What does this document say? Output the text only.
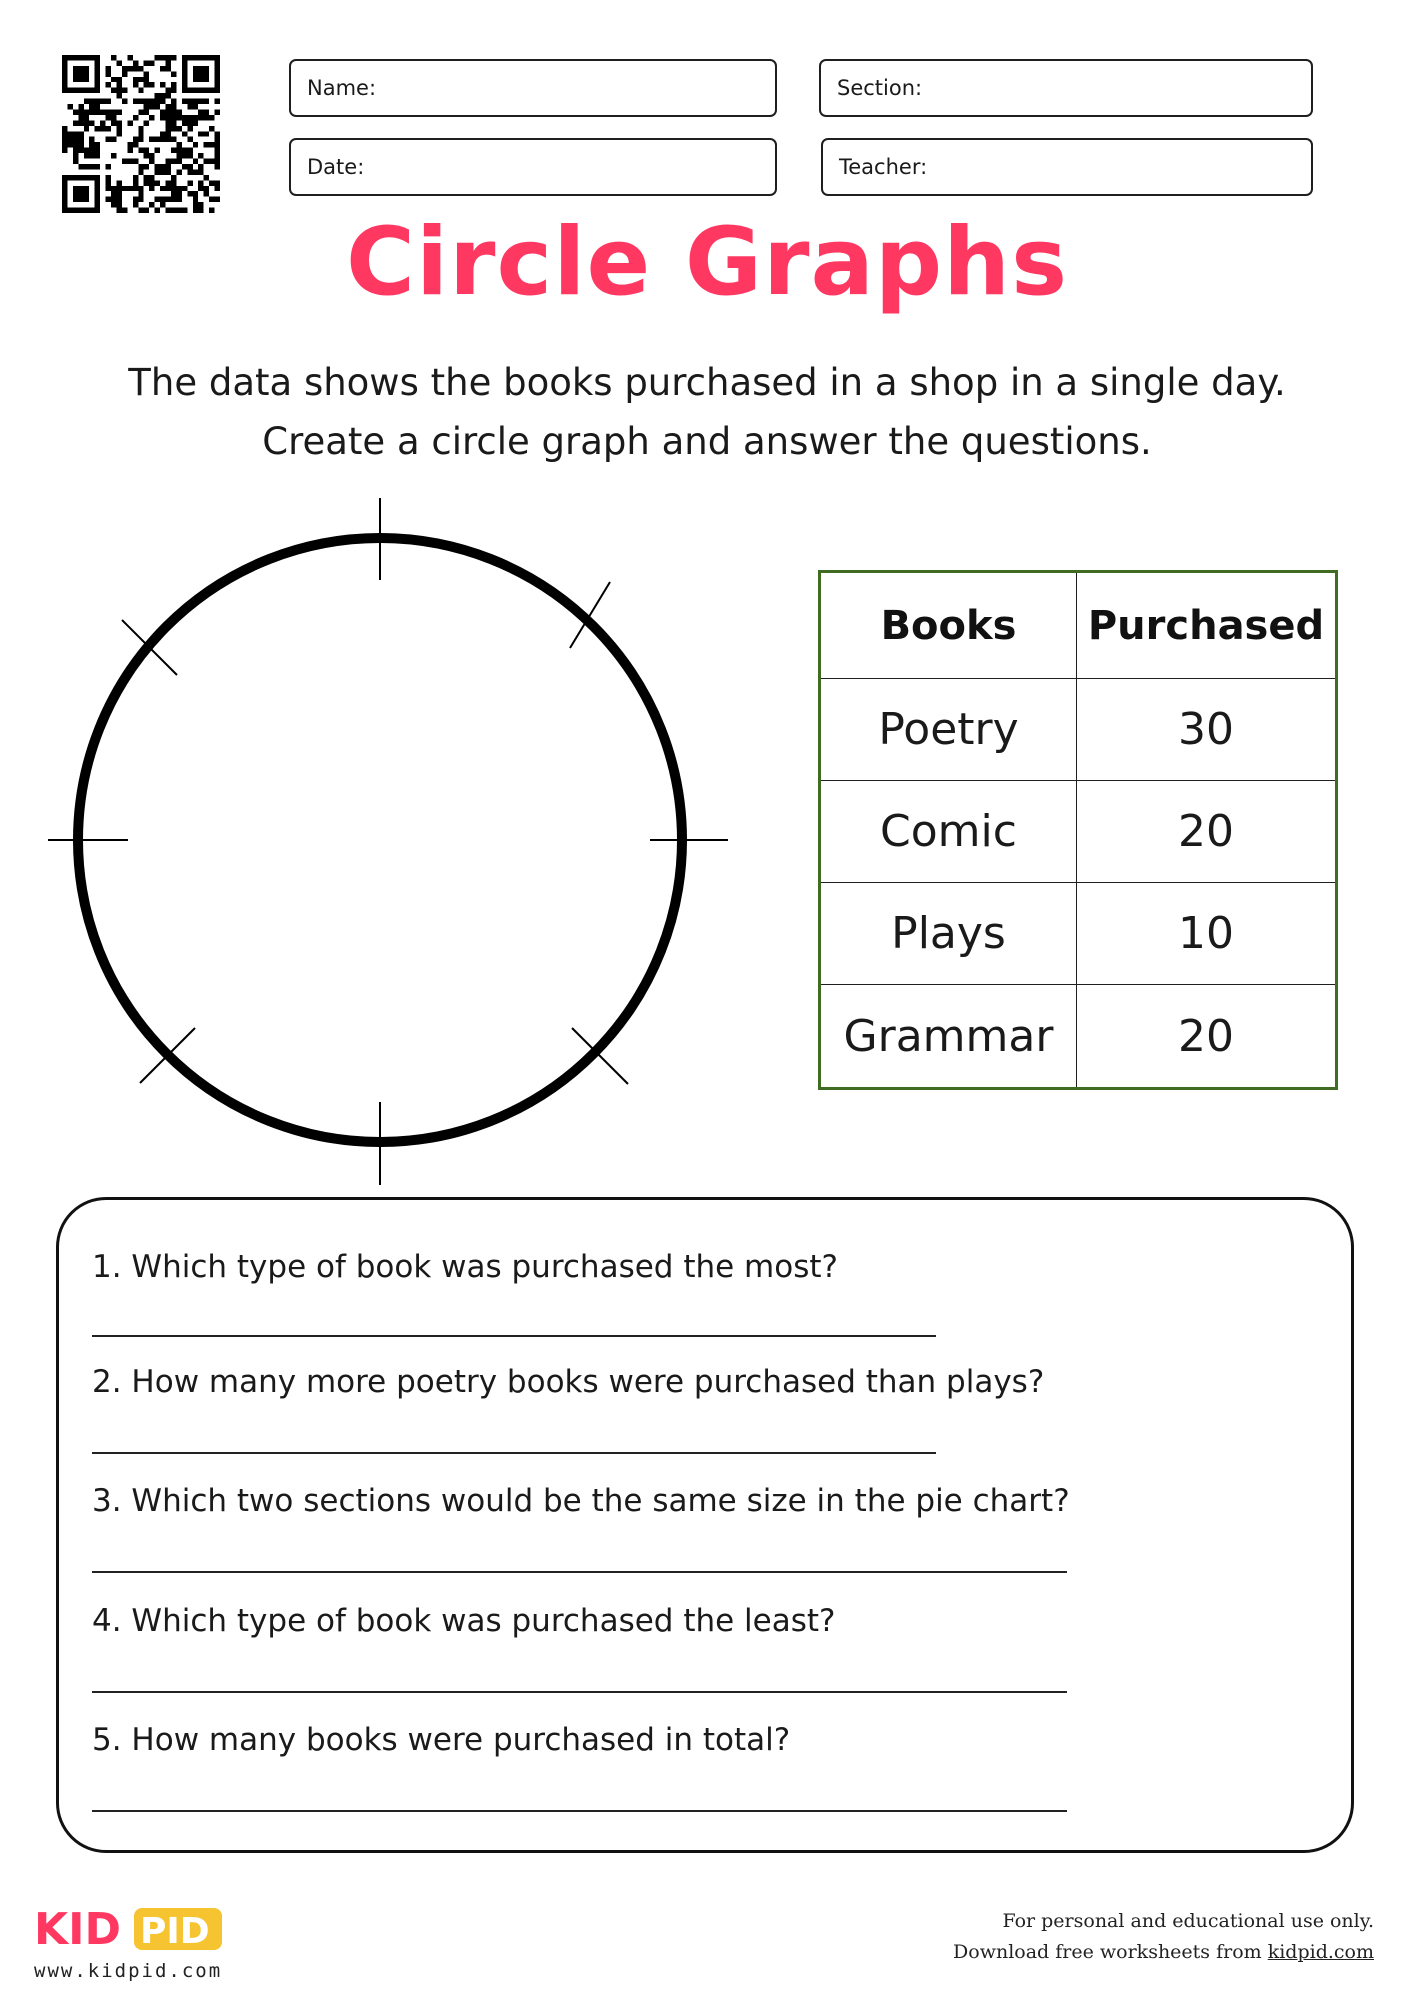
Name:	Section:
Date:	Teacher:
Circle Graphs
The data shows the books purchased in a shop in a single day.
Create a circle graph and answer the questions.
Books	Purchased
Poetry	30
Comic	20
Plays	10
Grammar	20
1. Which type of book was purchased the most?
2. How many more poetry books were purchased than plays?
3. Which two sections would be the same size in the pie chart?
4. Which type of book was purchased the least?
5. How many books were purchased in total?
KID PID
www.kidpid.com
For personal and educational use only.
Download free worksheets from kidpid.com
